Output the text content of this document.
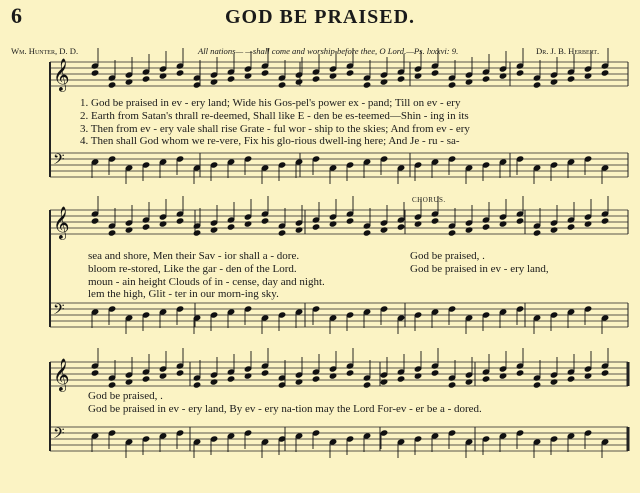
6	GOD BE PRAISED.
Wm. Hunter, D. D.	All nations— —shall come and worship before thee, O Lord.—Ps. lxxxvi: 9.	Dr. J. B. Herbert.
𝄞
𝄢
𝄞
𝄢
𝄞
𝄢
1. God be praised in ev - ery land; Wide his Gos-pel's power ex - pand; Till on ev - ery
2. Earth from Satan's thrall re-deemed, Shall like E - den be es-teemed—Shin - ing in its
3. Then from ev - ery vale shall rise Grate - ful wor - ship to the skies; And from ev - ery
4. Then shall God whom we re-vere, Fix his glo-rious dwell-ing here; And Je - ru - sa-
sea and shore, Men their Sav - ior shall a - dore.
bloom re-stored, Like the gar - den of the Lord.
moun - ain height Clouds of in - cense, day and night.
lem the high, Glit - ter in our morn-ing sky.
God be praised, .
God be praised in ev - ery land,
CHORUS.
God be praised, .
God be praised in ev - ery land, By ev - ery na-tion may the Lord For-ev - er be a - dored.
